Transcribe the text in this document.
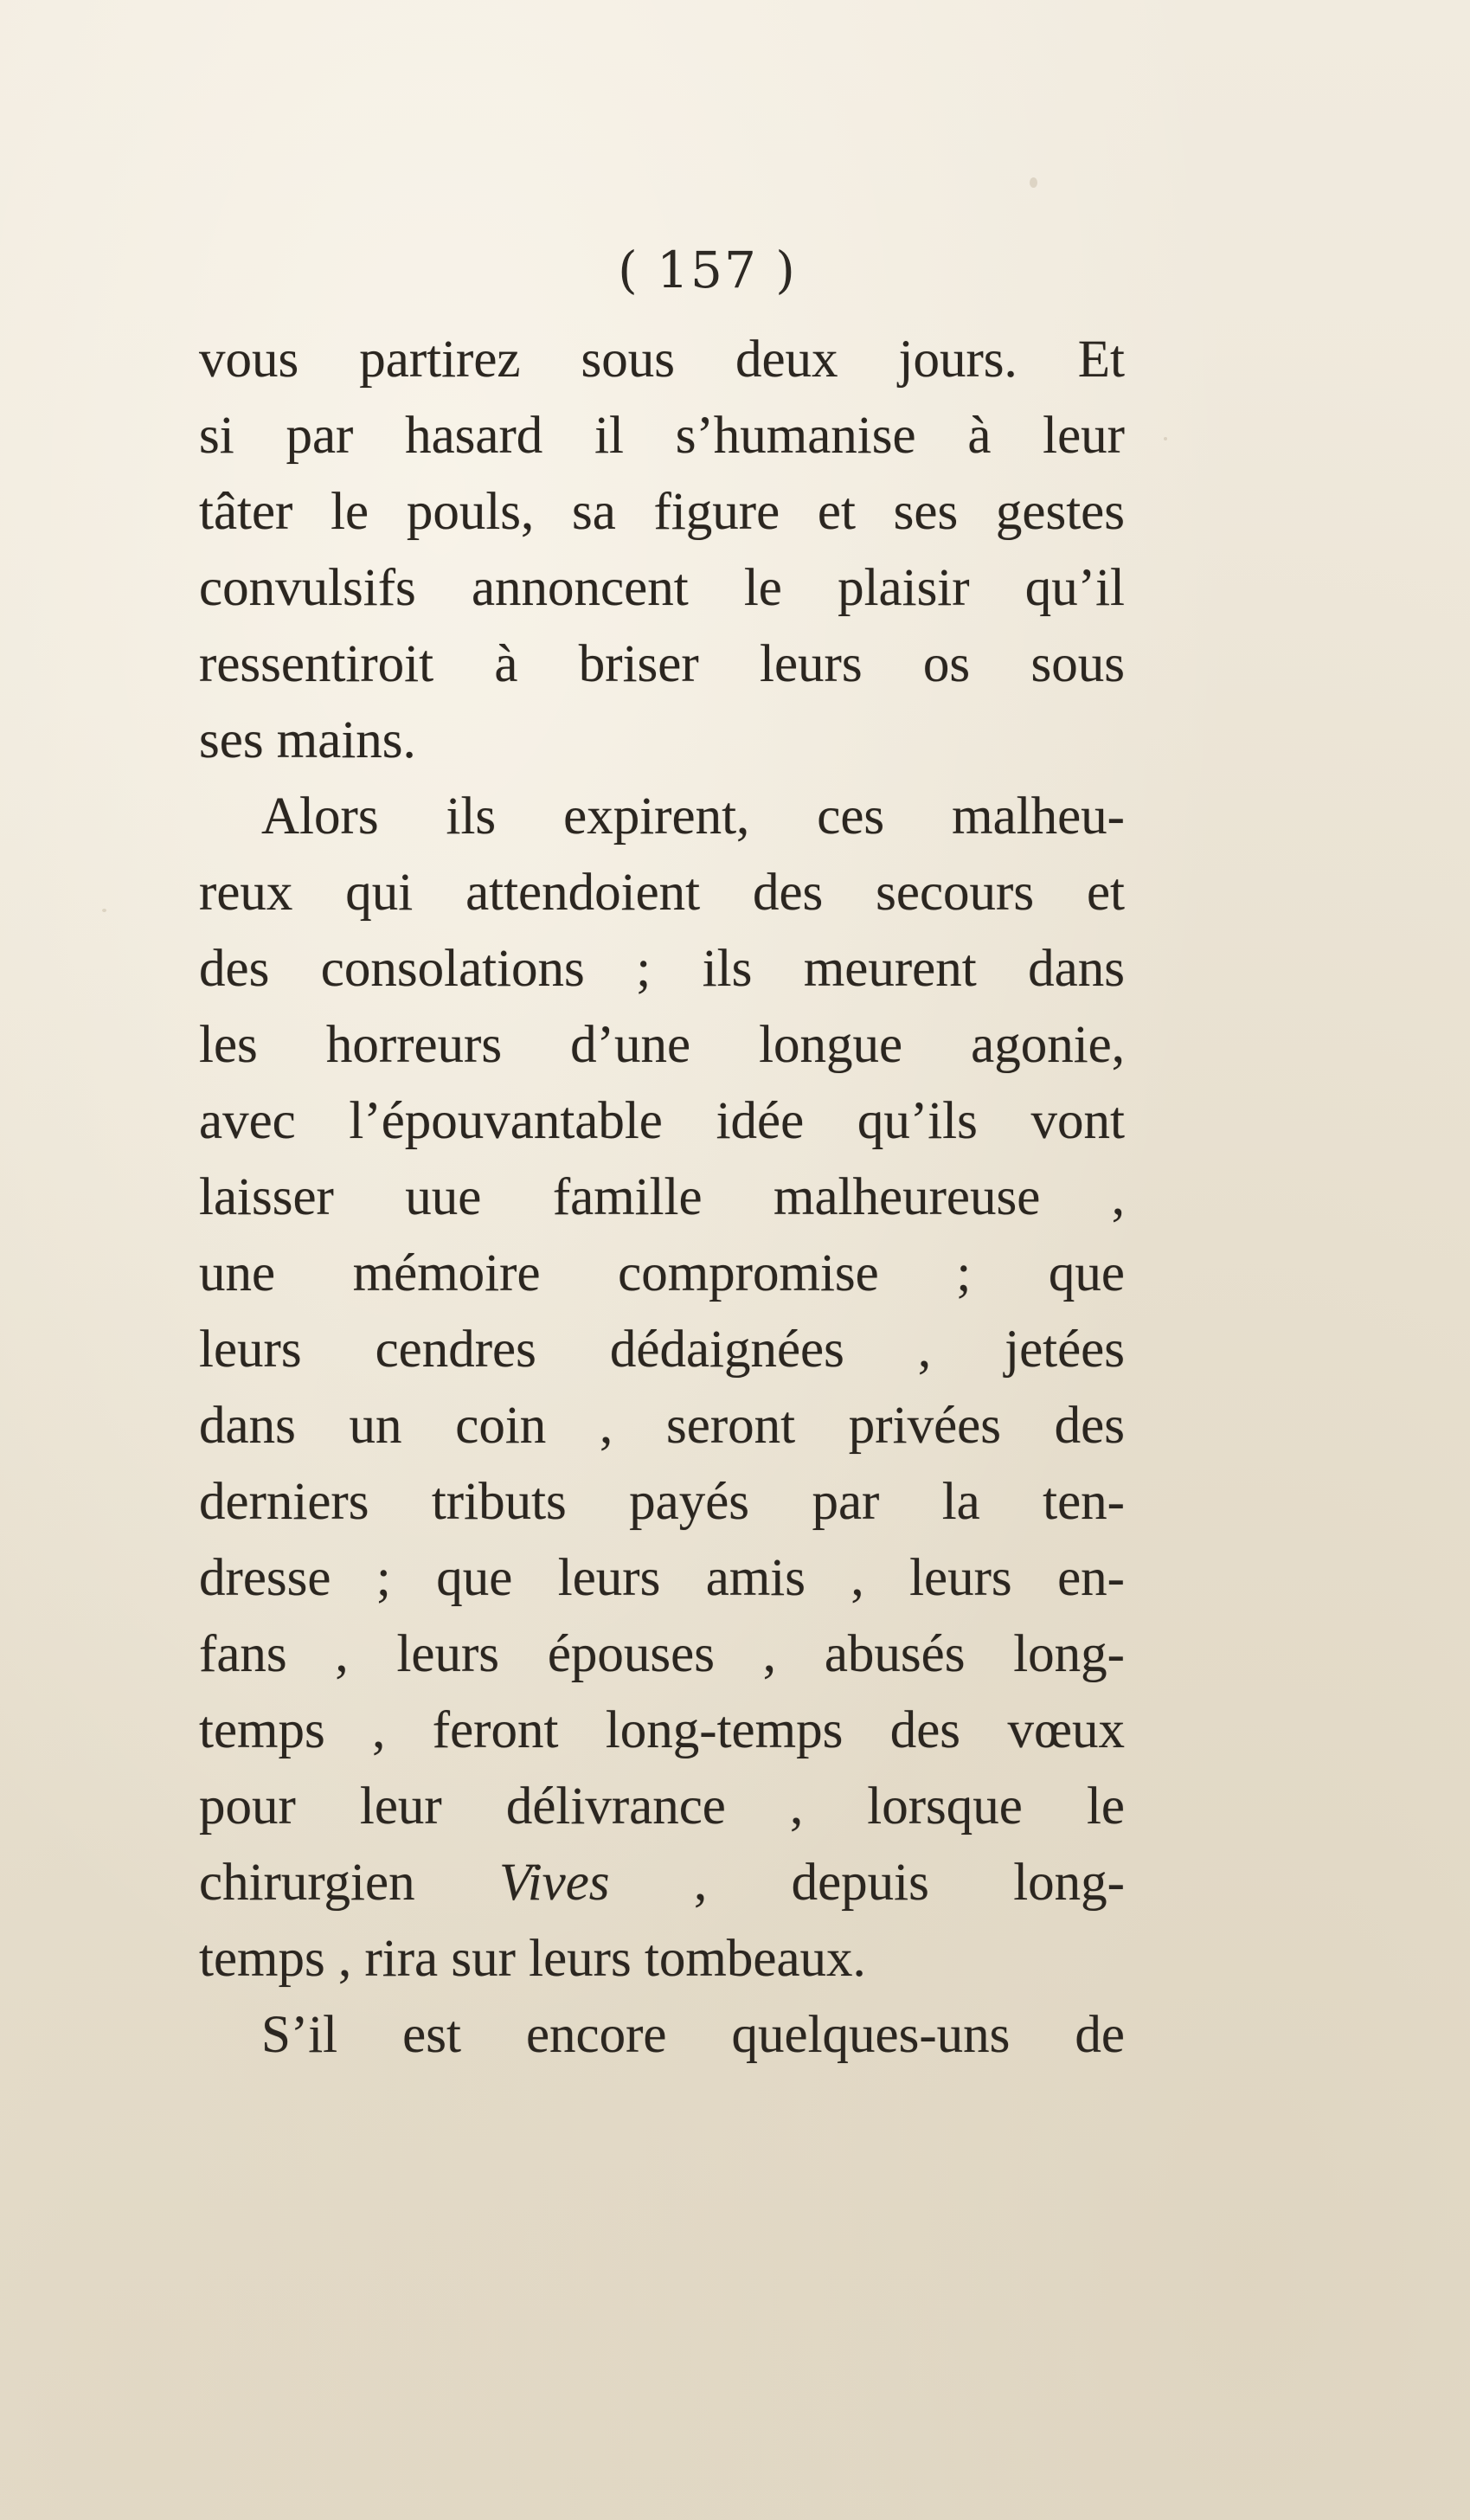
( 157 )
vous partirez sous deux jours. Et
si par hasard il s’humanise à leur
tâter le pouls, sa figure et ses gestes
convulsifs annoncent le plaisir qu’il
ressentiroit à briser leurs os sous
ses mains.
Alors ils expirent, ces malheu-
reux qui attendoient des secours et
des consolations ; ils meurent dans
les horreurs d’une longue agonie,
avec l’épouvantable idée qu’ils vont
laisser uue famille malheureuse ,
une mémoire compromise ; que
leurs cendres dédaignées , jetées
dans un coin , seront privées des
derniers tributs payés par la ten-
dresse ; que leurs amis , leurs en-
fans , leurs épouses , abusés long-
temps , feront long-temps des vœux
pour leur délivrance , lorsque le
chirurgien Vives , depuis long-
temps , rira sur leurs tombeaux.
S’il est encore quelques-uns de
